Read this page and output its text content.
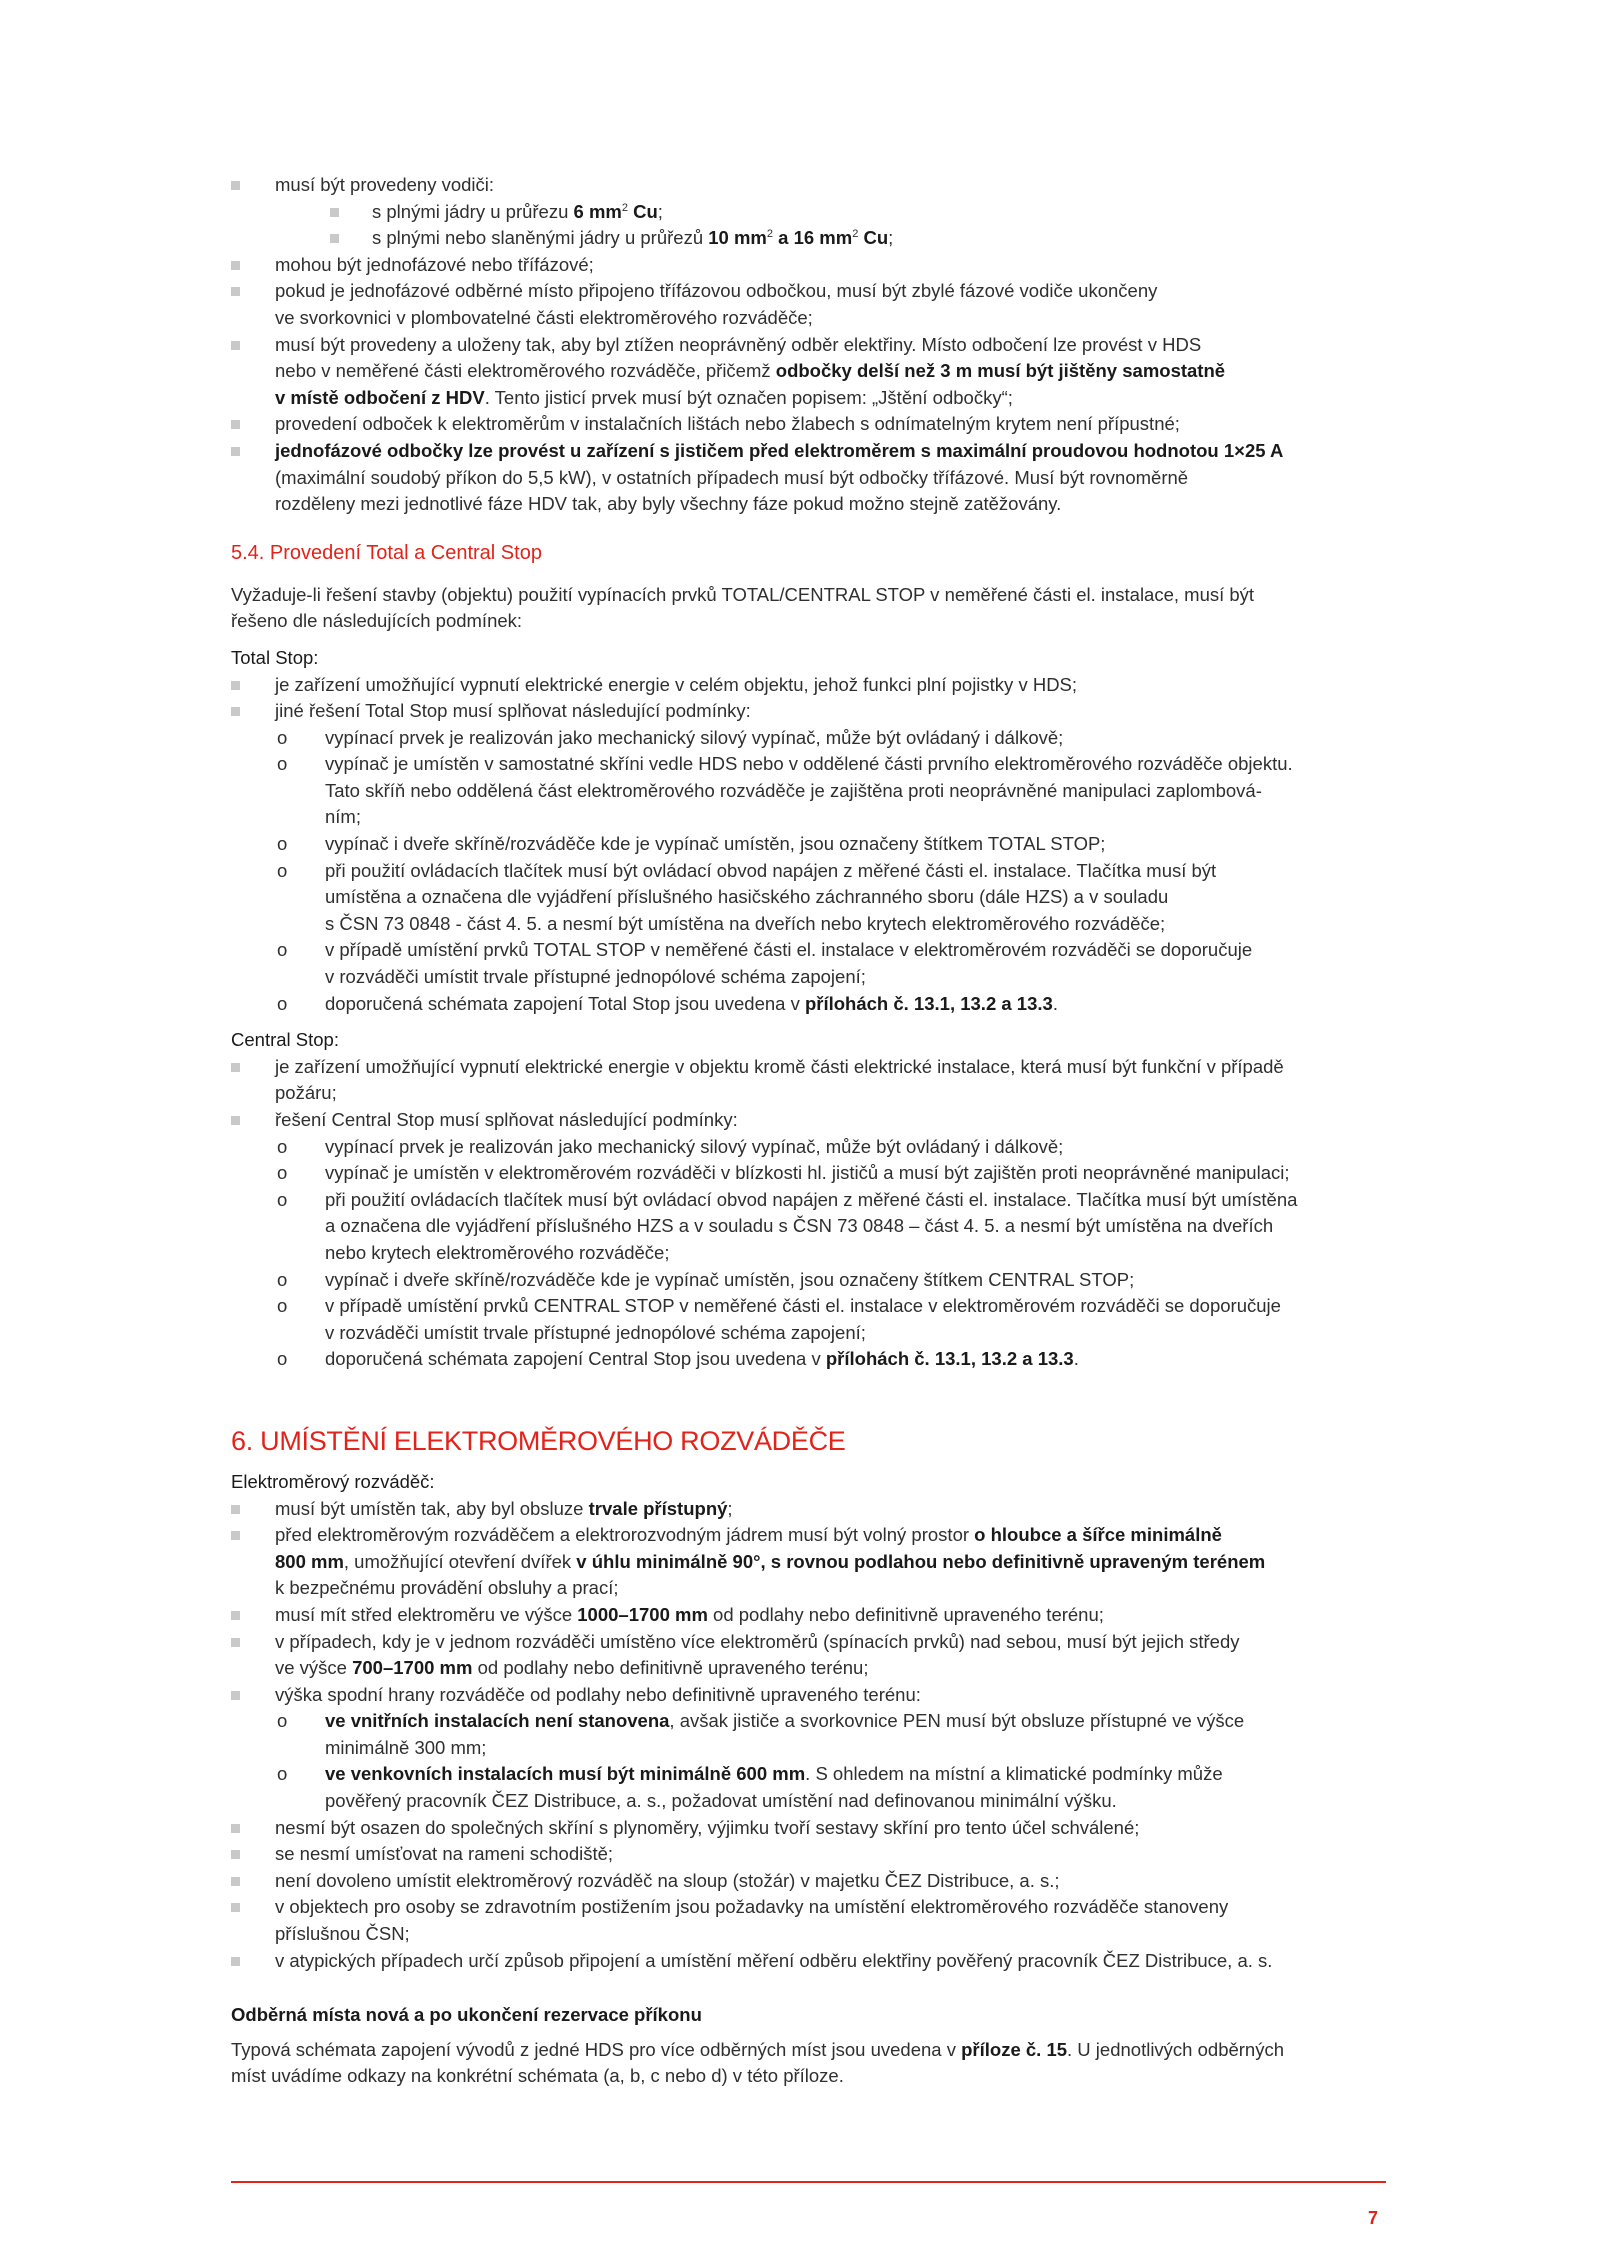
musí být provedeny vodiči:
s plnými jádry u průřezu 6 $mm^2$ Cu;
s plnými nebo slaněnými jádry u průřezů 10 $mm^2$ a 16 $mm^2$ Cu;
mohou být jednofázové nebo třífázové;
pokud je jednofázové odběrné místo připojeno třífázovou odbočkou, musí být zbylé fázové vodiče ukončeny
ve svorkovnici v plombovatelné části elektroměrového rozváděče;
musí být provedeny a uloženy tak, aby byl ztížen neoprávněný odběr elektřiny. Místo odbočení lze provést v HDS
nebo v neměřené části elektroměrového rozváděče, přičemž odbočky delší než 3 m musí být jištěny samostatně
v místě odbočení z HDV. Tento jisticí prvek musí být označen popisem: „Jštění odbočky“;
provedení odboček k elektroměrům v instalačních lištách nebo žlabech s odnímatelným krytem není přípustné;
jednofázové odbočky lze provést u zařízení s jističem před elektroměrem s maximální proudovou hodnotou 1×25 A
(maximální soudobý příkon do 5,5 kW), v ostatních případech musí být odbočky třífázové. Musí být rovnoměrně
rozděleny mezi jednotlivé fáze HDV tak, aby byly všechny fáze pokud možno stejně zatěžovány.
5.4. Provedení Total a Central Stop
Vyžaduje-li řešení stavby (objektu) použití vypínacích prvků TOTAL/CENTRAL STOP v neměřené části el. instalace, musí být
řešeno dle následujících podmínek:
Total Stop:
je zařízení umožňující vypnutí elektrické energie v celém objektu, jehož funkci plní pojistky v HDS;
jiné řešení Total Stop musí splňovat následující podmínky:
o vypínací prvek je realizován jako mechanický silový vypínač, může být ovládaný i dálkově;
o vypínač je umístěn v samostatné skříni vedle HDS nebo v oddělené části prvního elektroměrového rozváděče objektu.
Tato skříň nebo oddělená část elektroměrového rozváděče je zajištěna proti neoprávněné manipulaci zaplombová-
ním;
o vypínač i dveře skříně/rozváděče kde je vypínač umístěn, jsou označeny štítkem TOTAL STOP;
o při použití ovládacích tlačítek musí být ovládací obvod napájen z měřené části el. instalace. Tlačítka musí být
umístěna a označena dle vyjádření příslušného hasičského záchranného sboru (dále HZS) a v souladu
s ČSN 73 0848 - část 4. 5. a nesmí být umístěna na dveřích nebo krytech elektroměrového rozváděče;
o v případě umístění prvků TOTAL STOP v neměřené části el. instalace v elektroměrovém rozváděči se doporučuje
v rozváděči umístit trvale přístupné jednopólové schéma zapojení;
o doporučená schémata zapojení Total Stop jsou uvedena v přílohách č. 13.1, 13.2 a 13.3.
Central Stop:
je zařízení umožňující vypnutí elektrické energie v objektu kromě části elektrické instalace, která musí být funkční v případě
požáru;
řešení Central Stop musí splňovat následující podmínky:
o vypínací prvek je realizován jako mechanický silový vypínač, může být ovládaný i dálkově;
o vypínač je umístěn v elektroměrovém rozváděči v blízkosti hl. jističů a musí být zajištěn proti neoprávněné manipulaci;
o při použití ovládacích tlačítek musí být ovládací obvod napájen z měřené části el. instalace. Tlačítka musí být umístěna
a označena dle vyjádření příslušného HZS a v souladu s ČSN 73 0848 – část 4. 5. a nesmí být umístěna na dveřích
nebo krytech elektroměrového rozváděče;
o vypínač i dveře skříně/rozváděče kde je vypínač umístěn, jsou označeny štítkem CENTRAL STOP;
o v případě umístění prvků CENTRAL STOP v neměřené části el. instalace v elektroměrovém rozváděči se doporučuje
v rozváděči umístit trvale přístupné jednopólové schéma zapojení;
o doporučená schémata zapojení Central Stop jsou uvedena v přílohách č. 13.1, 13.2 a 13.3.
6. UMÍSTĚNÍ ELEKTROMĚROVÉHO ROZVÁDĚČE
Elektroměrový rozváděč:
musí být umístěn tak, aby byl obsluze trvale přístupný;
před elektroměrovým rozváděčem a elektrorozvodným jádrem musí být volný prostor o hloubce a šířce minimálně
800 mm, umožňující otevření dvířek v úhlu minimálně 90°, s rovnou podlahou nebo definitivně upraveným terénem
k bezpečnému provádění obsluhy a prací;
musí mít střed elektroměru ve výšce 1000–1700 mm od podlahy nebo definitivně upraveného terénu;
v případech, kdy je v jednom rozváděči umístěno více elektroměrů (spínacích prvků) nad sebou, musí být jejich středy
ve výšce 700–1700 mm od podlahy nebo definitivně upraveného terénu;
výška spodní hrany rozváděče od podlahy nebo definitivně upraveného terénu:
o ve vnitřních instalacích není stanovena, avšak jističe a svorkovnice PEN musí být obsluze přístupné ve výšce
minimálně 300 mm;
o ve venkovních instalacích musí být minimálně 600 mm. S ohledem na místní a klimatické podmínky může
pověřený pracovník ČEZ Distribuce, a. s., požadovat umístění nad definovanou minimální výšku.
nesmí být osazen do společných skříní s plynoměry, výjimku tvoří sestavy skříní pro tento účel schválené;
se nesmí umísťovat na rameni schodiště;
není dovoleno umístit elektroměrový rozváděč na sloup (stožár) v majetku ČEZ Distribuce, a. s.;
v objektech pro osoby se zdravotním postižením jsou požadavky na umístění elektroměrového rozváděče stanoveny
příslušnou ČSN;
v atypických případech určí způsob připojení a umístění měření odběru elektřiny pověřený pracovník ČEZ Distribuce, a. s.
Odběrná místa nová a po ukončení rezervace příkonu
Typová schémata zapojení vývodů z jedné HDS pro více odběrných míst jsou uvedena v příloze č. 15. U jednotlivých odběrných
míst uvádíme odkazy na konkrétní schémata (a, b, c nebo d) v této příloze.
7
